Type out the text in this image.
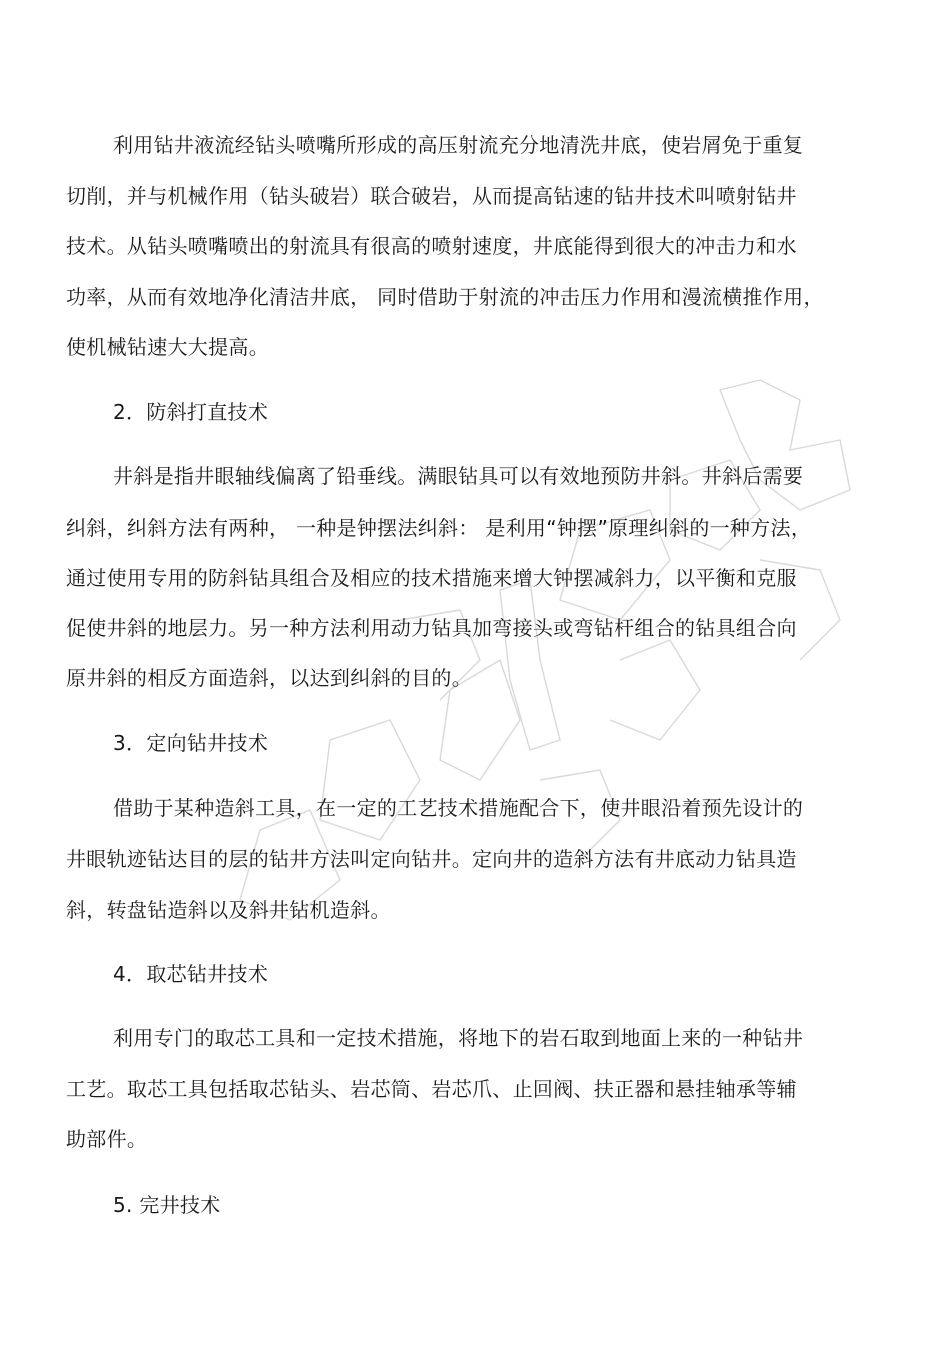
利用钻井液流经钻头喷嘴所形成的高压射流充分地清洗井底，使岩屑免于重复
切削，并与机械作用（钻头破岩）联合破岩，从而提高钻速的钻井技术叫喷射钻井
技术。从钻头喷嘴喷出的射流具有很高的喷射速度，井底能得到很大的冲击力和水
功率，从而有效地净化清洁井底， 同时借助于射流的冲击压力作用和漫流横推作用，
使机械钻速大大提高。
2．防斜打直技术
井斜是指井眼轴线偏离了铅垂线。满眼钻具可以有效地预防井斜。井斜后需要
纠斜，纠斜方法有两种， 一种是钟摆法纠斜： 是利用“钟摆”原理纠斜的一种方法，
通过使用专用的防斜钻具组合及相应的技术措施来增大钟摆减斜力，以平衡和克服
促使井斜的地层力。另一种方法利用动力钻具加弯接头或弯钻杆组合的钻具组合向
原井斜的相反方面造斜，以达到纠斜的目的。
3．定向钻井技术
借助于某种造斜工具，在一定的工艺技术措施配合下，使井眼沿着预先设计的
井眼轨迹钻达目的层的钻井方法叫定向钻井。定向井的造斜方法有井底动力钻具造
斜，转盘钻造斜以及斜井钻机造斜。
4．取芯钻井技术
利用专门的取芯工具和一定技术措施，将地下的岩石取到地面上来的一种钻井
工艺。取芯工具包括取芯钻头、岩芯筒、岩芯爪、止回阀、扶正器和悬挂轴承等辅
助部件。
5. 完井技术
